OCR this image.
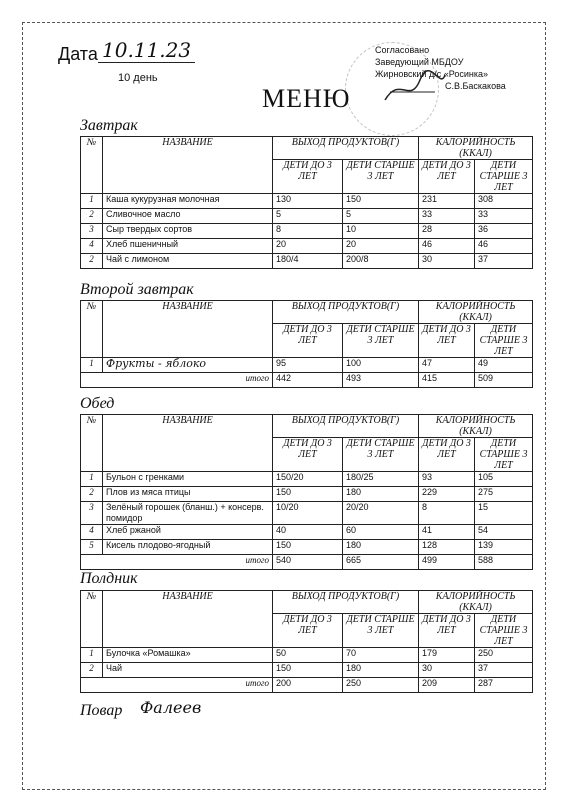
Дата 10.11.23
10 день
Согласовано
Заведующий МБДОУ
Жирновский д/с «Росинка»
С.В.Баскакова
МЕНЮ
Завтрак
№	НАЗВАНИЕ	ВЫХОД ПРОДУКТОВ(Г)		КАЛОРИЙНОСТЬ (ККАЛ)	
		ДЕТИ ДО 3 ЛЕТ	ДЕТИ СТАРШЕ 3 ЛЕТ	ДЕТИ ДО 3 ЛЕТ	ДЕТИ СТАРШЕ 3 ЛЕТ
1	Каша кукурузная молочная	130	150	231	308
2	Сливочное масло	5	5	33	33
3	Сыр твердых сортов	8	10	28	36
4	Хлеб пшеничный	20	20	46	46
2	Чай с лимоном	180/4	200/8	30	37
Второй завтрак
№	НАЗВАНИЕ	ВЫХОД ПРОДУКТОВ(Г)		КАЛОРИЙНОСТЬ (ККАЛ)	
		ДЕТИ ДО 3 ЛЕТ	ДЕТИ СТАРШЕ 3 ЛЕТ	ДЕТИ ДО 3 ЛЕТ	ДЕТИ СТАРШЕ 3 ЛЕТ
1	Фрукты - яблоко	95	100	47	49
итого		442	493	415	509
Обед
№	НАЗВАНИЕ	ВЫХОД ПРОДУКТОВ(Г)		КАЛОРИЙНОСТЬ (ККАЛ)	
		ДЕТИ ДО 3 ЛЕТ	ДЕТИ СТАРШЕ 3 ЛЕТ	ДЕТИ ДО 3 ЛЕТ	ДЕТИ СТАРШЕ 3 ЛЕТ
1	Бульон с гренками	150/20	180/25	93	105
2	Плов из мяса птицы	150	180	229	275
3	Зелёный горошек (бланш.) + консерв. помидор	10/20	20/20	8	15
4	Хлеб ржаной	40	60	41	54
5	Кисель плодово-ягодный	150	180	128	139
итого		540	665	499	588
Полдник
№	НАЗВАНИЕ	ВЫХОД ПРОДУКТОВ(Г)		КАЛОРИЙНОСТЬ (ККАЛ)	
		ДЕТИ ДО 3 ЛЕТ	ДЕТИ СТАРШЕ 3 ЛЕТ	ДЕТИ ДО 3 ЛЕТ	ДЕТИ СТАРШЕ 3 ЛЕТ
1	Булочка «Ромашка»	50	70	179	250
2	Чай	150	180	30	37
итого		200	250	209	287
Повар Фалеев
